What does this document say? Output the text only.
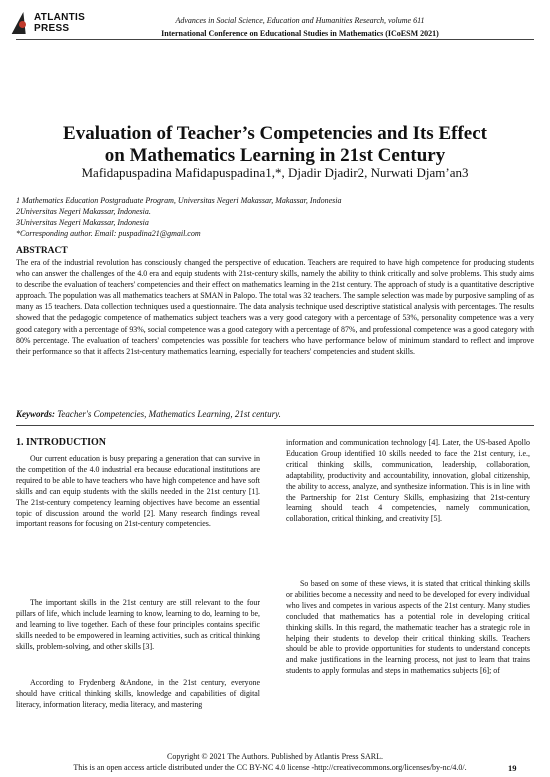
ATLANTIS
PRESS
Advances in Social Science, Education and Humanities Research, volume 611
International Conference on Educational Studies in Mathematics (ICoESM 2021)
Evaluation of Teacher’s Competencies and Its Effect
on Mathematics Learning in 21st Century
Mafidapuspadina Mafidapuspadina1,*, Djadir Djadir2, Nurwati Djam’an3
1 Mathematics Education Postgraduate Program, Universitas Negeri Makassar, Makassar, Indonesia
2Universitas Negeri Makassar, Indonesia.
3Universitas Negeri Makassar, Indonesia
*Corresponding author. Email: puspadina21@gmail.com
ABSTRACT
The era of the industrial revolution has consciously changed the perspective of education. Teachers are required to have high competence for producing students who can answer the challenges of the 4.0 era and equip students with 21st-century skills, namely the ability to think critically and solve problems. This study aims to describe the evaluation of teachers' competencies and their effect on mathematics learning in the 21st century. The approach of study is a quantitative descriptive approach. The population was all mathematics teachers at SMAN in Palopo. The total was 32 teachers. The sample selection was made by purposive sampling of as many as 15 teachers. Data collection techniques used a questionnaire. The data analysis technique used descriptive statistical analysis with percentages. The results showed that the pedagogic competence of mathematics subject teachers was a very good category with a percentage of 53%, personality competence was a very good category with a percentage of 93%, social competence was a good category with a percentage of 87%, and professional competence was a good category with 80% percentage. The evaluation of teachers' competencies was possible for teachers who have performance below of minimum standard to reflect and improve their performance so that it affects 21st-century mathematics learning, especially for teachers' competencies and student skills.
Keywords: Teacher's Competencies, Mathematics Learning, 21st century.
1. INTRODUCTION

Our current education is busy preparing a generation that can survive in the competition of the 4.0 industrial era because educational institutions are required to be able to have teachers who have high competence and have soft skills and can equip students with the skills needed in the 21st century [1]. The 21st-century competency learning objectives have become an essential topic of discussion around the world [2]. Many research findings reveal important reasons for focusing on 21st-century competencies.

The important skills in the 21st century are still relevant to the four pillars of life, which include learning to know, learning to do, learning to be, and learning to live together. Each of these four principles contains specific skills needed to be empowered in learning activities, such as critical thinking skills, problem-solving, and other skills [3].

According to Frydenberg &Andone, in the 21st century, everyone should have critical thinking skills, knowledge and capabilities of digital literacy, information literacy, media literacy, and mastering

information and communication technology [4]. Later, the US-based Apollo Education Group identified 10 skills needed to face the 21st century, i.e., critical thinking skills, communication, leadership, collaboration, adaptability, productivity and accountability, innovation, global citizenship, the ability to access, analyze, and synthesize information. This is in line with the Partnership for 21st Century Skills, emphasizing that 21st-century learning should teach 4 competencies, namely communication, collaboration, critical thinking, and creativity [5].

So based on some of these views, it is stated that critical thinking skills or abilities become a necessity and need to be developed for every individual who lives and competes in various aspects of the 21st century. Many studies concluded that mathematics has a potential role in developing critical thinking skills. In this regard, the mathematic teacher has a strategic role in helping their students to develop their critical thinking skills. Teachers should be able to provide opportunities for students to understand concepts and make justifications in the learning process, not just to learn that trains students to apply formulas and steps in mathematics subjects [6]; of

Copyright © 2021 The Authors. Published by Atlantis Press SARL.
This is an open access article distributed under the CC BY-NC 4.0 license -http://creativecommons.org/licenses/by-nc/4.0/.	19
